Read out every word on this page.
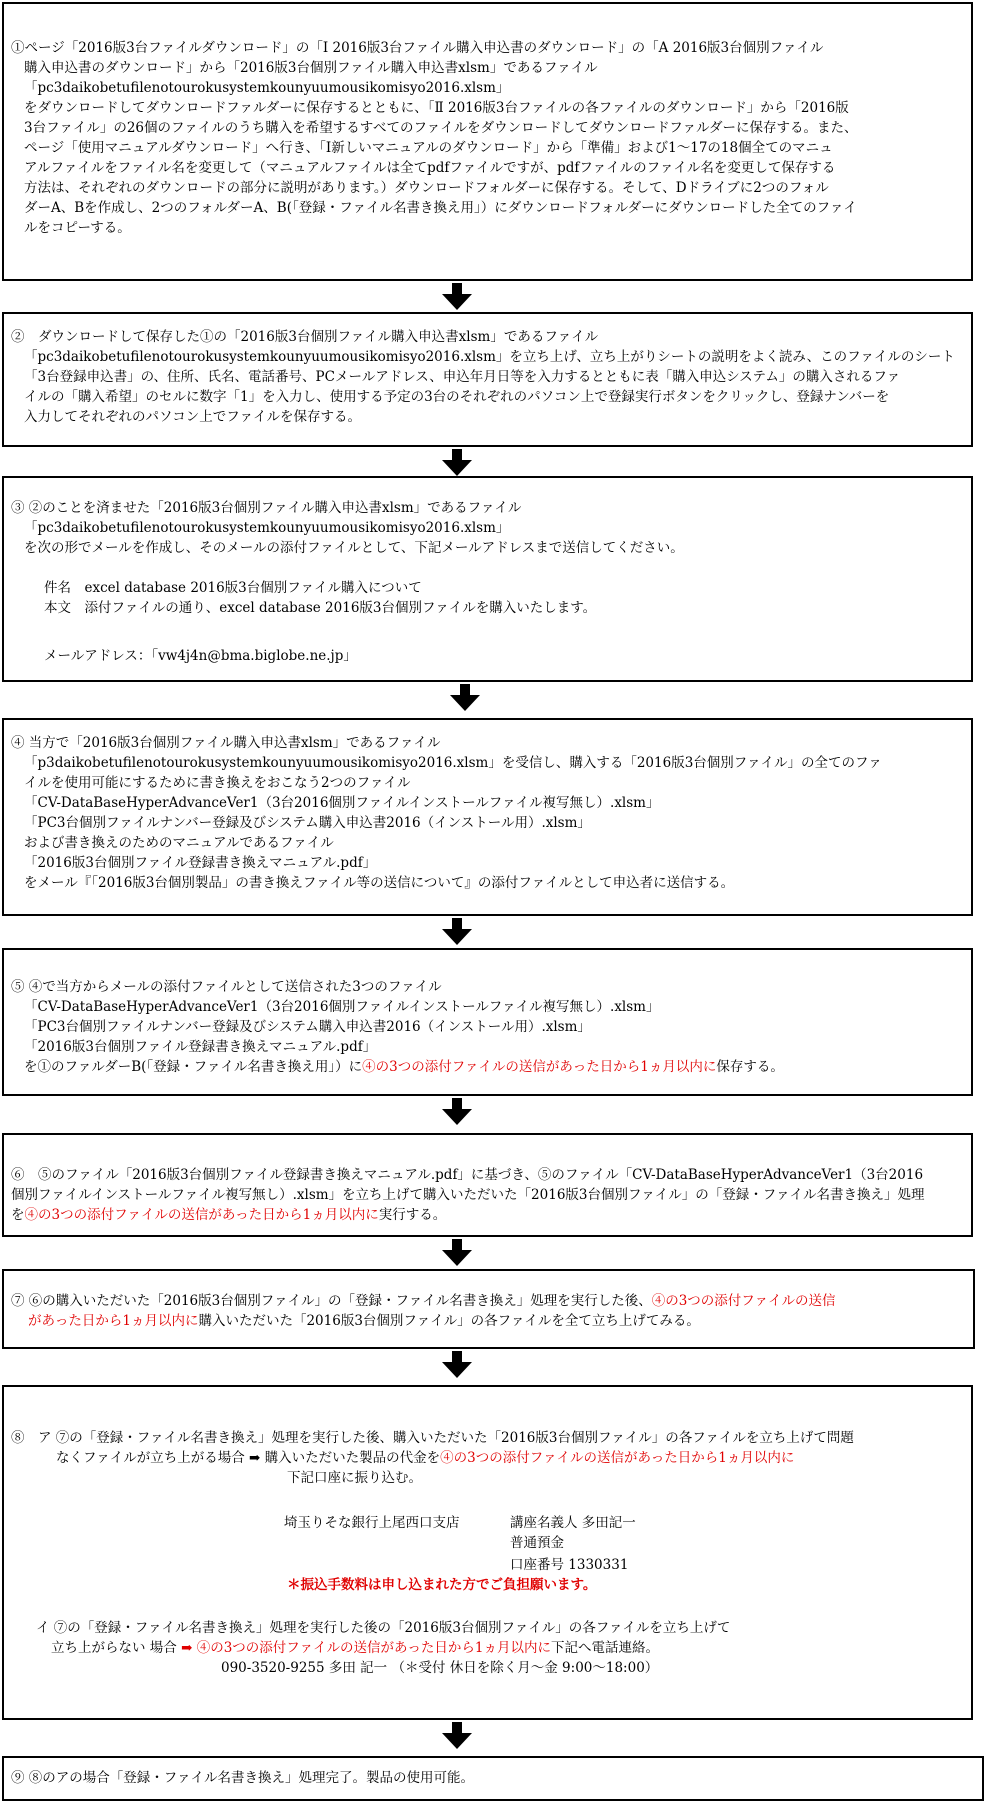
①ページ「2016版3台ファイルダウンロード」の「Ⅰ 2016版3台ファイル購入申込書のダウンロード」の「A 2016版3台個別ファイル
購入申込書のダウンロード」から「2016版3台個別ファイル購入申込書xlsm」であるファイル
「pc3daikobetufilenotourokusystemkounyuumousikomisyo2016.xlsm」
をダウンロードしてダウンロードファルダーに保存するとともに、「Ⅱ 2016版3台ファイルの各ファイルのダウンロード」から「2016版
3台ファイル」の26個のファイルのうち購入を希望するすべてのファイルをダウンロードしてダウンロードファルダーに保存する。また、
ページ「使用マニュアルダウンロード」へ行き、「Ⅰ新しいマニュアルのダウンロード」から「準備」および1～17の18個全てのマニュ
アルファイルをファイル名を変更して（マニュアルファイルは全てpdfファイルですが、pdfファイルのファイル名を変更して保存する
方法は、それぞれのダウンロードの部分に説明があります。）ダウンロードフォルダーに保存する。そして、Dドライブに2つのフォル
ダーA、Bを作成し、2つのフォルダーA、B(「登録・ファイル名書き換え用」）にダウンロードフォルダーにダウンロードした全てのファイ
ルをコピーする。
②　ダウンロードして保存した①の「2016版3台個別ファイル購入申込書xlsm」であるファイル
「pc3daikobetufilenotourokusystemkounyuumousikomisyo2016.xlsm」を立ち上げ、立ち上がりシートの説明をよく読み、このファイルのシート
「3台登録申込書」の、住所、氏名、電話番号、PCメールアドレス、申込年月日等を入力するとともに表「購入申込システム」の購入されるファ
イルの「購入希望」のセルに数字「1」を入力し、使用する予定の3台のそれぞれのパソコン上で登録実行ボタンをクリックし、登録ナンバーを
入力してそれぞれのパソコン上でファイルを保存する。
③ ②のことを済ませた「2016版3台個別ファイル購入申込書xlsm」であるファイル
「pc3daikobetufilenotourokusystemkounyuumousikomisyo2016.xlsm」
を次の形でメールを作成し、そのメールの添付ファイルとして、下記メールアドレスまで送信してください。
件名　excel database 2016版3台個別ファイル購入について
本文　添付ファイルの通り、excel database 2016版3台個別ファイルを購入いたします。
メールアドレス：「vw4j4n@bma.biglobe.ne.jp」
④ 当方で「2016版3台個別ファイル購入申込書xlsm」であるファイル
「p3daikobetufilenotourokusystemkounyuumousikomisyo2016.xlsm」を受信し、購入する「2016版3台個別ファイル」の全てのファ
イルを使用可能にするために書き換えをおこなう2つのファイル
「CV-DataBaseHyperAdvanceVer1（3台2016個別ファイルインストールファイル複写無し）.xlsm」
「PC3台個別ファイルナンバー登録及びシステム購入申込書2016（インストール用）.xlsm」
および書き換えのためのマニュアルであるファイル
「2016版3台個別ファイル登録書き換えマニュアル.pdf」
をメール『「2016版3台個別製品」の書き換えファイル等の送信について』の添付ファイルとして申込者に送信する。
⑤ ④で当方からメールの添付ファイルとして送信された3つのファイル
「CV-DataBaseHyperAdvanceVer1（3台2016個別ファイルインストールファイル複写無し）.xlsm」
「PC3台個別ファイルナンバー登録及びシステム購入申込書2016（インストール用）.xlsm」
「2016版3台個別ファイル登録書き換えマニュアル.pdf」
を①のファルダーB(「登録・ファイル名書き換え用」）に④の3つの添付ファイルの送信があった日から1ヵ月以内に保存する。
⑥　⑤のファイル「2016版3台個別ファイル登録書き換えマニュアル.pdf」に基づき、⑤のファイル「CV-DataBaseHyperAdvanceVer1（3台2016
個別ファイルインストールファイル複写無し）.xlsm」を立ち上げて購入いただいた「2016版3台個別ファイル」の「登録・ファイル名書き換え」処理
を④の3つの添付ファイルの送信があった日から1ヵ月以内に実行する。
⑦ ⑥の購入いただいた「2016版3台個別ファイル」の「登録・ファイル名書き換え」処理を実行した後、④の3つの添付ファイルの送信
があった日から1ヵ月以内に購入いただいた「2016版3台個別ファイル」の各ファイルを全て立ち上げてみる。
⑧　ア ⑦の「登録・ファイル名書き換え」処理を実行した後、購入いただいた「2016版3台個別ファイル」の各ファイルを立ち上げて問題
なくファイルが立ち上がる場合 ➡ 購入いただいた製品の代金を④の3つの添付ファイルの送信があった日から1ヵ月以内に
下記口座に振り込む。
埼玉りそな銀行上尾西口支店	講座名義人 多田記一
普通預金
口座番号 1330331
＊振込手数料は申し込まれた方でご負担願います。
イ ⑦の「登録・ファイル名書き換え」処理を実行した後の「2016版3台個別ファイル」の各ファイルを立ち上げて
立ち上がらない 場合 ➡ ④の3つの添付ファイルの送信があった日から1ヵ月以内に下記へ電話連絡。
090-3520-9255 多田 記一 （＊受付 休日を除く月～金 9:00～18:00）
⑨ ⑧のアの場合「登録・ファイル名書き換え」処理完了。製品の使用可能。
